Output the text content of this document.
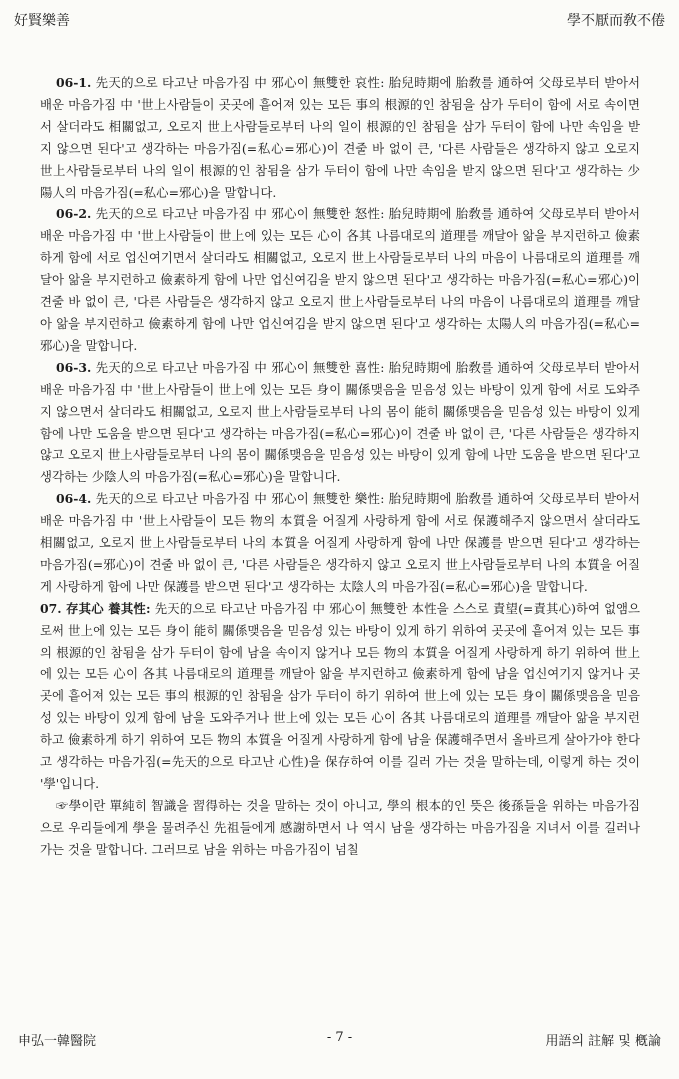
好賢樂善	學不厭而敎不倦

06-1. 先天的으로 타고난 마음가짐 中 邪心이 無雙한 哀性: 胎兒時期에 胎敎를 通하여 父母로부터 받아서 배운 마음가짐 中 '世上사람들이 곳곳에 흩어져 있는 모든 事의 根源的인 참됨을 삼가 두터이 함에 서로 속이면서 살더라도 相關없고, 오로지 世上사람들로부터 나의 일이 根源的인 참됨을 삼가 두터이 함에 나만 속임을 받지 않으면 된다'고 생각하는 마음가짐(=私心=邪心)이 견줄 바 없이 큰, '다른 사람들은 생각하지 않고 오로지 世上사람들로부터 나의 일이 根源的인 참됨을 삼가 두터이 함에 나만 속임을 받지 않으면 된다'고 생각하는 少陽人의 마음가짐(=私心=邪心)을 말합니다.

06-2. 先天的으로 타고난 마음가짐 中 邪心이 無雙한 怒性: 胎兒時期에 胎敎를 通하여 父母로부터 받아서 배운 마음가짐 中 '世上사람들이 世上에 있는 모든 心이 各其 나름대로의 道理를 깨달아 앎을 부지런하고 儉素하게 함에 서로 업신여기면서 살더라도 相關없고, 오로지 世上사람들로부터 나의 마음이 나름대로의 道理를 깨달아 앎을 부지런하고 儉素하게 함에 나만 업신여김을 받지 않으면 된다'고 생각하는 마음가짐(=私心=邪心)이 견줄 바 없이 큰, '다른 사람들은 생각하지 않고 오로지 世上사람들로부터 나의 마음이 나름대로의 道理를 깨달아 앎을 부지런하고 儉素하게 함에 나만 업신여김을 받지 않으면 된다'고 생각하는 太陽人의 마음가짐(=私心=邪心)을 말합니다.

06-3. 先天的으로 타고난 마음가짐 中 邪心이 無雙한 喜性: 胎兒時期에 胎敎를 通하여 父母로부터 받아서 배운 마음가짐 中 '世上사람들이 世上에 있는 모든 身이 關係맺음을 믿음성 있는 바탕이 있게 함에 서로 도와주지 않으면서 살더라도 相關없고, 오로지 世上사람들로부터 나의 몸이 能히 關係맺음을 믿음성 있는 바탕이 있게 함에 나만 도움을 받으면 된다'고 생각하는 마음가짐(=私心=邪心)이 견줄 바 없이 큰, '다른 사람들은 생각하지 않고 오로지 世上사람들로부터 나의 몸이 關係맺음을 믿음성 있는 바탕이 있게 함에 나만 도움을 받으면 된다'고 생각하는 少陰人의 마음가짐(=私心=邪心)을 말합니다.

06-4. 先天的으로 타고난 마음가짐 中 邪心이 無雙한 樂性: 胎兒時期에 胎敎를 通하여 父母로부터 받아서 배운 마음가짐 中 '世上사람들이 모든 物의 本質을 어질게 사랑하게 함에 서로 保護해주지 않으면서 살더라도 相關없고, 오로지 世上사람들로부터 나의 本質을 어질게 사랑하게 함에 나만 保護를 받으면 된다'고 생각하는 마음가짐(=邪心)이 견줄 바 없이 큰, '다른 사람들은 생각하지 않고 오로지 世上사람들로부터 나의 本質을 어질게 사랑하게 함에 나만 保護를 받으면 된다'고 생각하는 太陰人의 마음가짐(=私心=邪心)을 말합니다.

07. 存其心 養其性: 先天的으로 타고난 마음가짐 中 邪心이 無雙한 本性을 스스로 責望(=責其心)하여 없앰으로써 世上에 있는 모든 身이 能히 關係맺음을 믿음성 있는 바탕이 있게 하기 위하여 곳곳에 흩어져 있는 모든 事의 根源的인 참됨을 삼가 두터이 함에 남을 속이지 않거나 모든 物의 本質을 어질게 사랑하게 하기 위하여 世上에 있는 모든 心이 各其 나름대로의 道理를 깨달아 앎을 부지런하고 儉素하게 함에 남을 업신여기지 않거나 곳곳에 흩어져 있는 모든 事의 根源的인 참됨을 삼가 두터이 하기 위하여 世上에 있는 모든 身이 關係맺음을 믿음성 있는 바탕이 있게 함에 남을 도와주거나 世上에 있는 모든 心이 各其 나름대로의 道理를 깨달아 앎을 부지런하고 儉素하게 하기 위하여 모든 物의 本質을 어질게 사랑하게 함에 남을 保護해주면서 올바르게 살아가야 한다고 생각하는 마음가짐(=先天的으로 타고난 心性)을 保存하여 이를 길러 가는 것을 말하는데, 이렇게 하는 것이 '學'입니다.

☞學이란 單純히 智識을 習得하는 것을 말하는 것이 아니고, 學의 根本的인 뜻은 後孫들을 위하는 마음가짐으로 우리들에게 學을 물려주신 先祖들에게 感謝하면서 나 역시 남을 생각하는 마음가짐을 지녀서 이를 길러나가는 것을 말합니다. 그러므로 남을 위하는 마음가짐이 넘칠

申弘一韓醫院	- 7 -	用語의 註解 및 槪論
